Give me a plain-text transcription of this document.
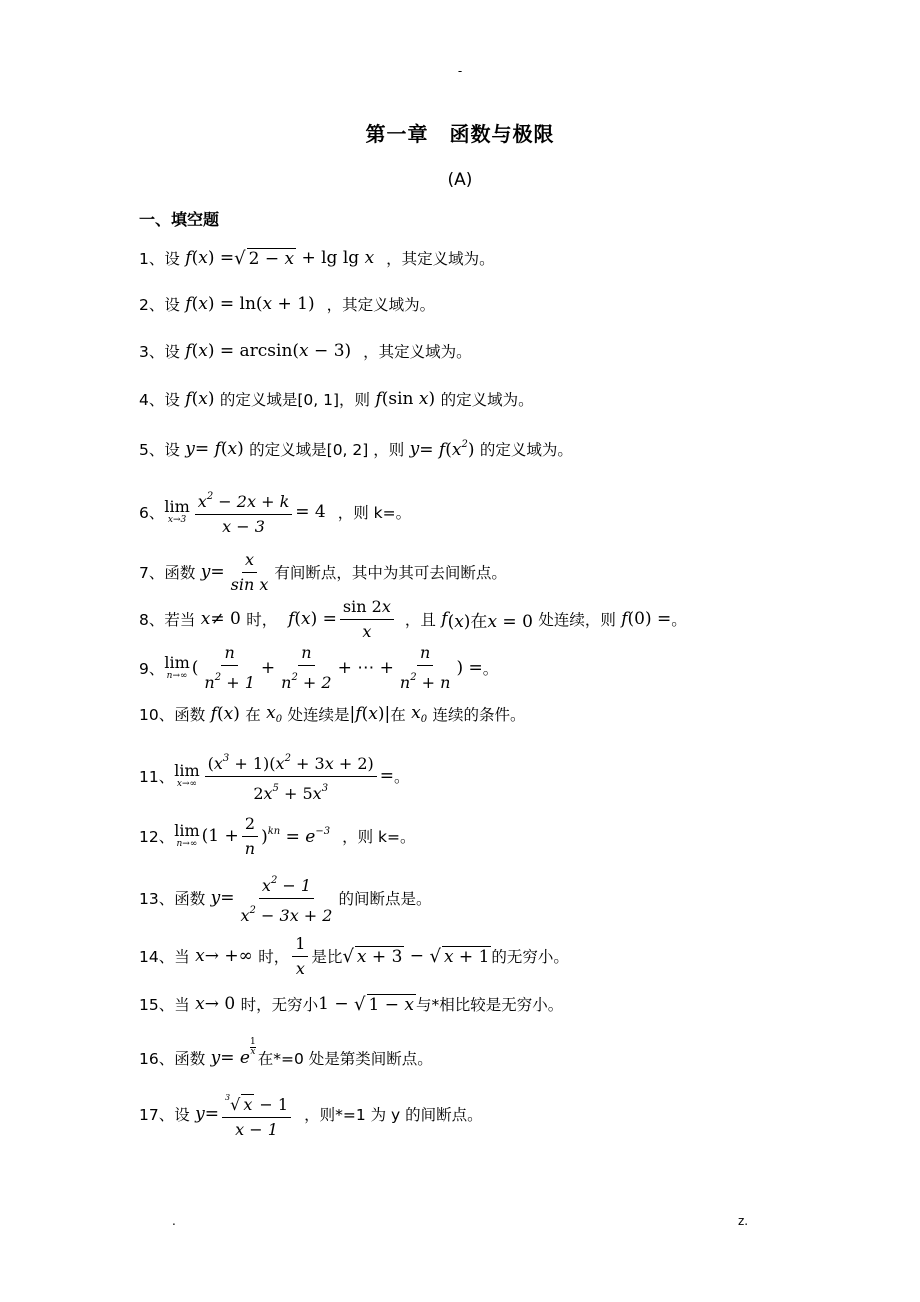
-
第一章　函数与极限
(A)
一、填空题
1、 设 f ( x ) = √ 2 − x + lg lg x ，其定义域为。
2、 设 f (x) = ln(x + 1) ，其定义域为。
3、 设 f (x) = arcsin(x − 3) ，其定义域为。
4、 设 f (x) 的定义域是[0, 1]，则 f (sin x) 的定义域为。
5、 设 y = f(x) 的定义域是[0, 2] ，则 $y = f(x^2)$ 的定义域为。
6、 lim
$x\to 3 \frac{x^2 - 2x + k}{x - 3} = 4$ ，则 k=。
7、 函数 $y = \frac{x}{\text{sin x}}$ 有间断点，其中为其可去间断点。
8、 若当 x ≠ 0 时， f $(x) = \frac{\sin 2x}{x}$ ，且 f (x)在x = 0 处连续，则 f (0) = 。
9、 lim
n→∞ ( $\frac{n}{n^2 + 1} + \frac{n}{n^2 + 2}$ + ⋯ + $\frac{n}{n^2 + n}$ ) = 。
10、 函数 f (x) 在 $x_0$ 处连续是 |f(x)| 在 $x_0$ 连续的条件。
11、 lim
$x\to\infty \frac{(x^3 + 1)(x^2 + 3x + 2)}{2x^5 + 5x^3}$ = 。
12、 lim
n→∞ $(1 + \frac{2}{n} )^{kn} = e^{-3}$ ，则 k=。
13、 函数 $y = \frac{x^2 - 1}{x^2 - 3x + 2}$ 的间断点是。
14、 当 x → +∞ 时， $\frac{1}{x}$ 是比 √ x + 3 − √ x + 1 的无穷小。
15、 当 x → 0 时，无穷小 1 − √ 1 − x 与*相比较是无穷小。
16、 函数 y = e
1
x 在*=0 处是第类间断点。
17、 设 $y = \frac{^3√ x - 1}{x - 1}$ ，则*=1 为 y 的间断点。
.	z.
